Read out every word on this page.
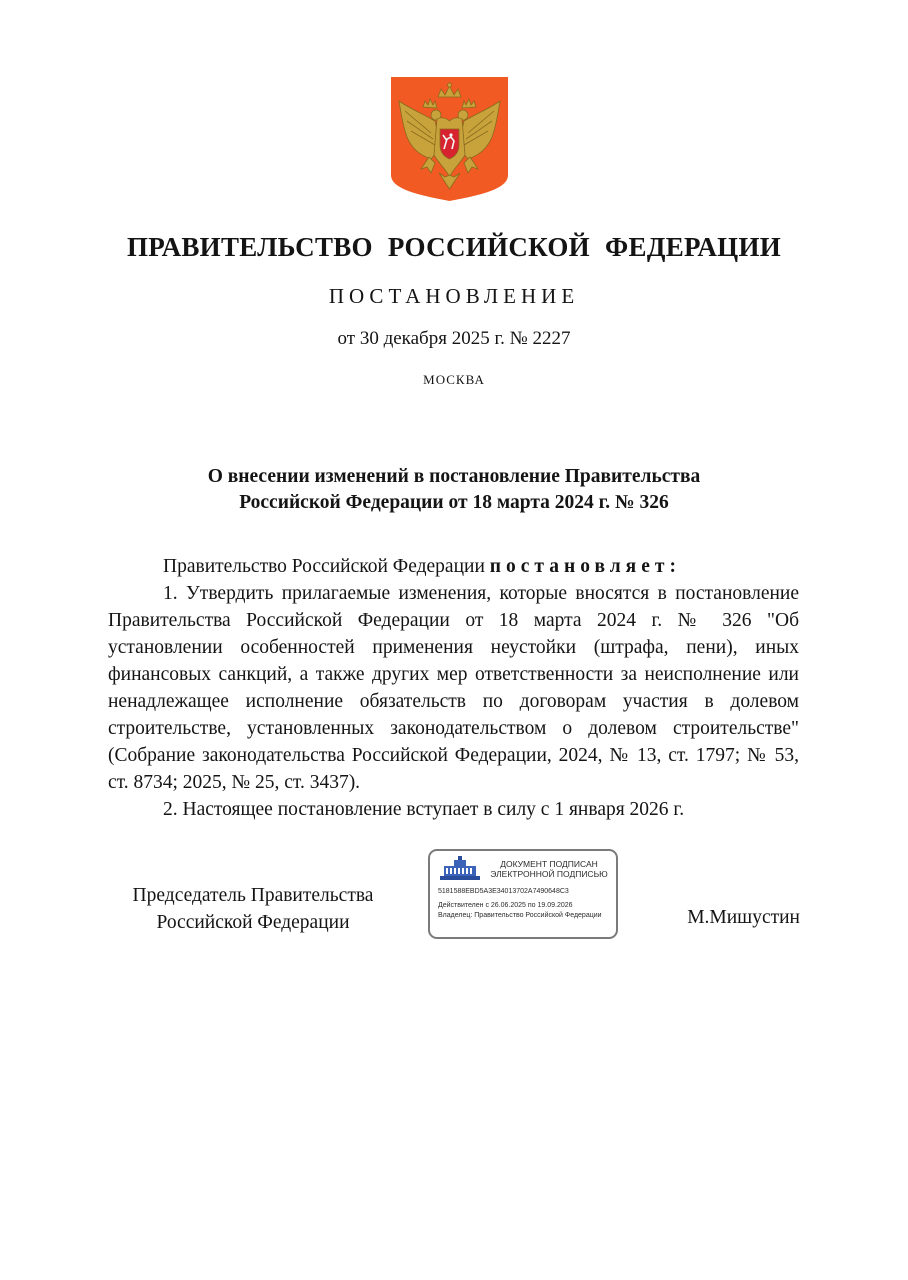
ПРАВИТЕЛЬСТВО РОССИЙСКОЙ ФЕДЕРАЦИИ
ПОСТАНОВЛЕНИЕ
от 30 декабря 2025 г. № 2227
МОСКВА
О внесении изменений в постановление Правительства
Российской Федерации от 18 марта 2024 г. № 326
Правительство Российской Федерации постановляет:
1. Утвердить прилагаемые изменения, которые вносятся в постановление Правительства Российской Федерации от 18 марта 2024 г. № 326 "Об установлении особенностей применения неустойки (штрафа, пени), иных финансовых санкций, а также других мер ответственности за неисполнение или ненадлежащее исполнение обязательств по договорам участия в долевом строительстве, установленных законодательством о долевом строительстве" (Собрание законодательства Российской Федерации, 2024, № 13, ст. 1797; № 53, ст. 8734; 2025, № 25, ст. 3437).
2. Настоящее постановление вступает в силу с 1 января 2026 г.
Председатель Правительства
Российской Федерации
ДОКУМЕНТ ПОДПИСАН
ЭЛЕКТРОННОЙ ПОДПИСЬЮ
5181588EBD5A3E34013702A7490648C3
Действителен с 26.06.2025 по 19.09.2026
Владелец: Правительство Российской Федерации	М.Мишустин
